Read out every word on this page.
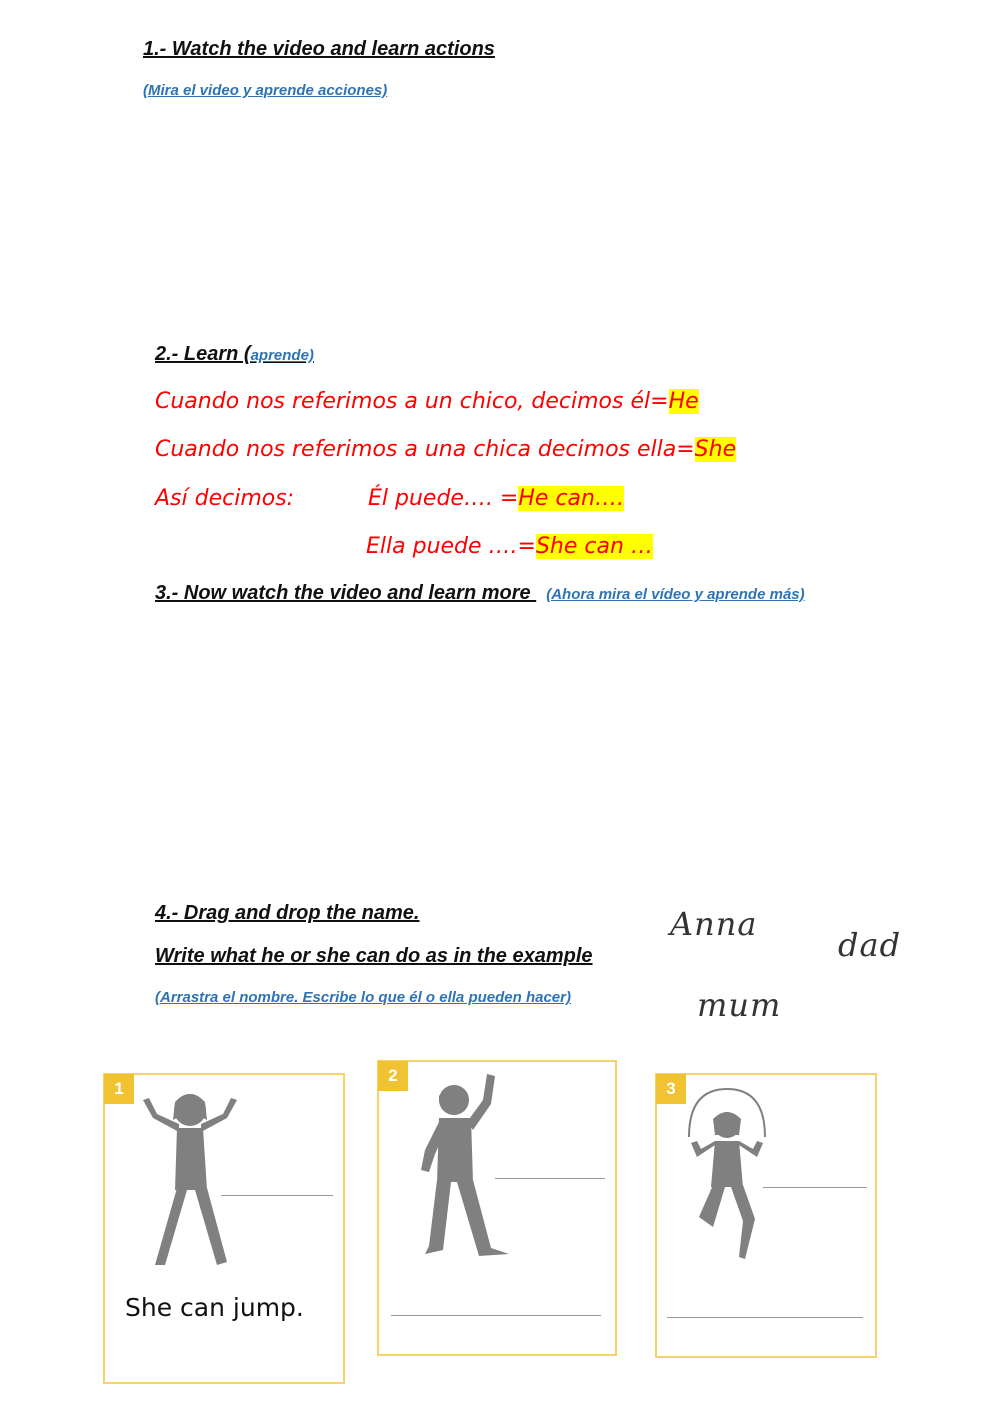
1.- Watch the video and learn actions
(Mira el video y aprende acciones)
2.- Learn (aprende)
Cuando nos referimos a un chico, decimos él=He
Cuando nos referimos a una chica decimos ella=She
Así decimos:	Él puede…. =He can….
Ella puede ….=She can …
3.- Now watch the video and learn more (Ahora mira el vídeo y aprende más)
4.- Drag and drop the name.
Write what he or she can do as in the example
(Arrastra el nombre. Escribe lo que él o ella pueden hacer)
Anna
dad
mum
1
She can jump.
2
3
